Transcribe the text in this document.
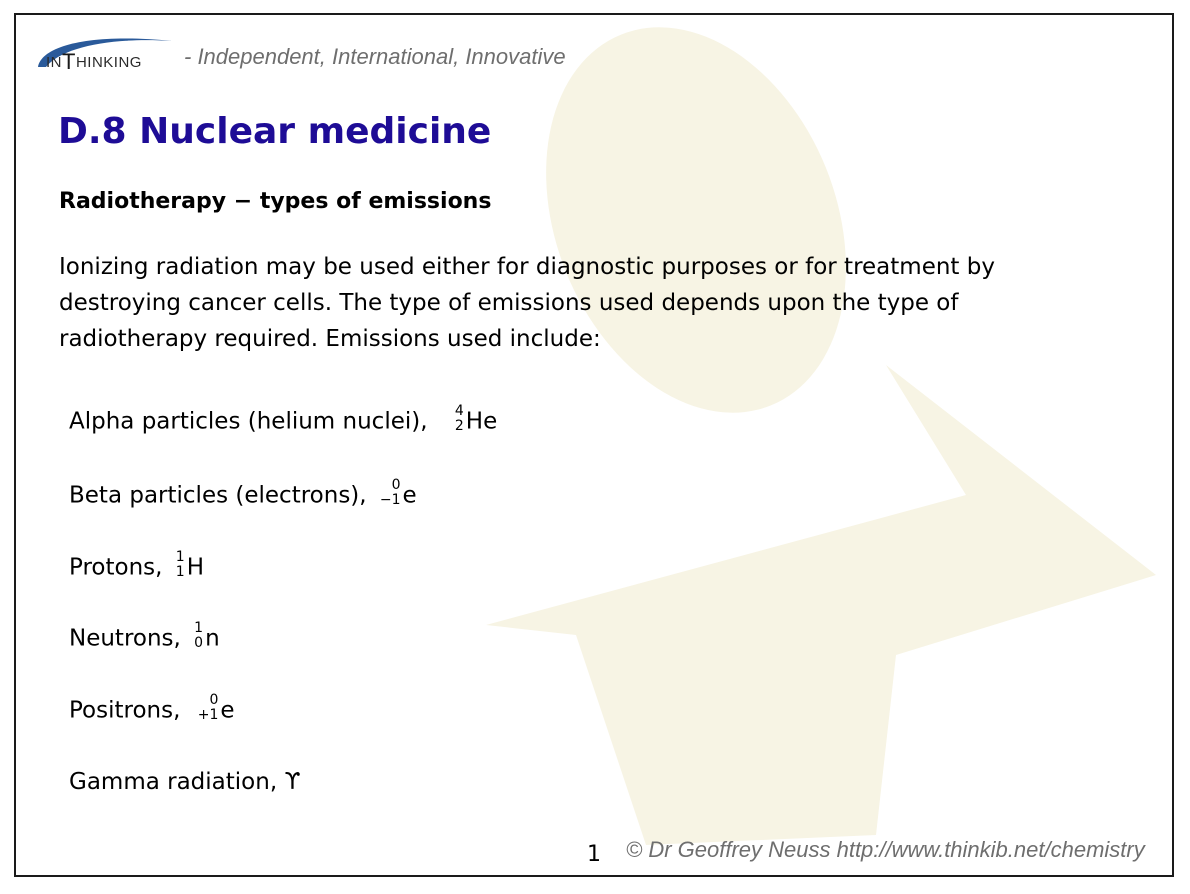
INTHINKING - Independent, International, Innovative
D.8 Nuclear medicine
Radiotherapy − types of emissions
Ionizing radiation may be used either for diagnostic purposes or for treatment by destroying cancer cells. The type of emissions used depends upon the type of radiotherapy required. Emissions used include:
Alpha particles (helium nuclei), 4
2 He
Beta particles (electrons), 0
−1 e
Protons, 1
1 H
Neutrons, 1
0 n
Positrons, 0
+1 e
Gamma radiation, ϒ
1 © Dr Geoffrey Neuss http://www.thinkib.net/chemistry
